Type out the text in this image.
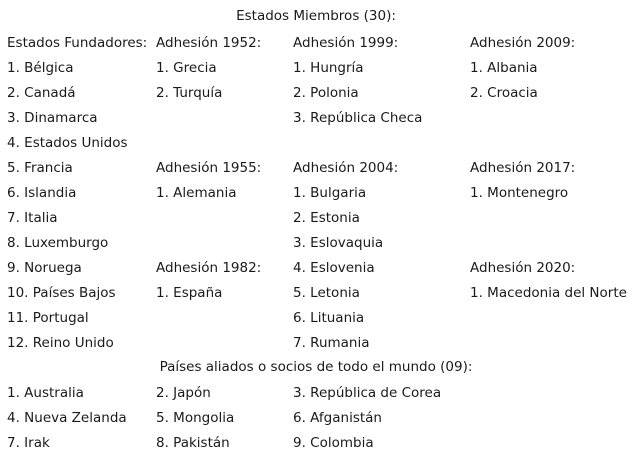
Estados Miembros (30):
Estados Fundadores:
1. Bélgica
2. Canadá
3. Dinamarca
4. Estados Unidos
5. Francia
6. Islandia
7. Italia
8. Luxemburgo
9. Noruega
10. Países Bajos
11. Portugal
12. Reino Unido
Adhesión 1952:
1. Grecia
2. Turquía
Adhesión 1955:
1. Alemania
Adhesión 1982:
1. España
Adhesión 1999:
1. Hungría
2. Polonia
3. República Checa
Adhesión 2004:
1. Bulgaria
2. Estonia
3. Eslovaquia
4. Eslovenia
5. Letonia
6. Lituania
7. Rumania
Adhesión 2009:
1. Albania
2. Croacia
Adhesión 2017:
1. Montenegro
Adhesión 2020:
1. Macedonia del Norte
Países aliados o socios de todo el mundo (09):
1. Australia	2. Japón	3. República de Corea
4. Nueva Zelanda 5. Mongolia	6. Afganistán
7. Irak	8. Pakistán	9. Colombia
